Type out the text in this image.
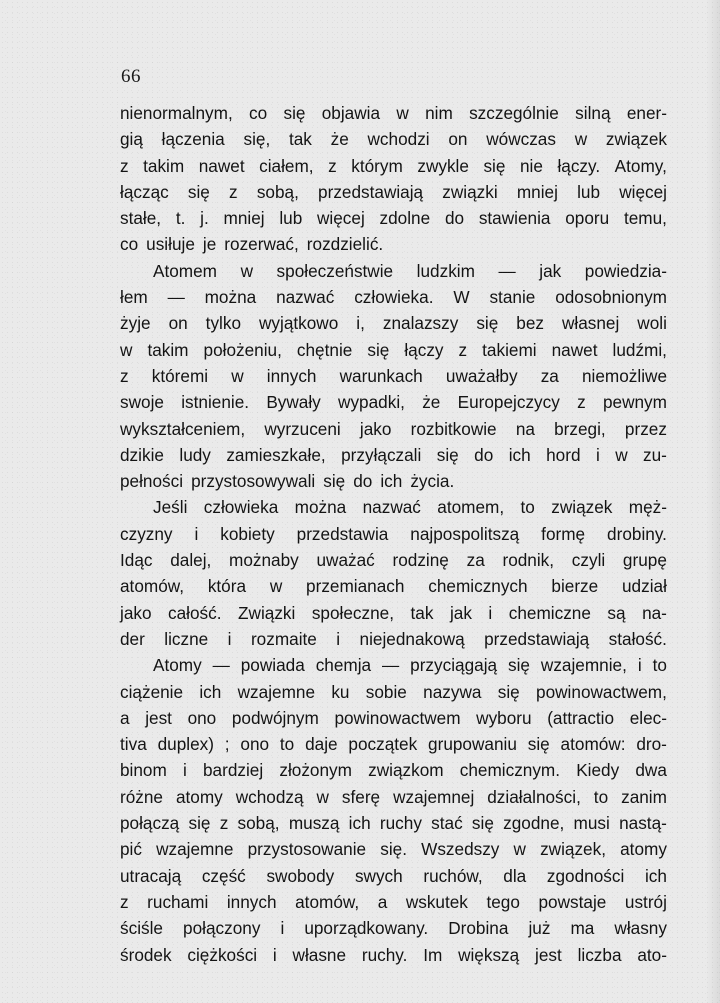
66
nienormalnym, co się objawia w nim szczególnie silną ener-
gią łączenia się, tak że wchodzi on wówczas w związek
z takim nawet ciałem, z którym zwykle się nie łączy. Atomy,
łącząc się z sobą, przedstawiają związki mniej lub więcej
stałe, t. j. mniej lub więcej zdolne do stawienia oporu temu,
co usiłuje je rozerwać, rozdzielić.
Atomem w społeczeństwie ludzkim — jak powiedzia-
łem — można nazwać człowieka. W stanie odosobnionym
żyje on tylko wyjątkowo i, znalazszy się bez własnej woli
w takim położeniu, chętnie się łączy z takiemi nawet ludźmi,
z któremi w innych warunkach uważałby za niemożliwe
swoje istnienie. Bywały wypadki, że Europejczycy z pewnym
wykształceniem, wyrzuceni jako rozbitkowie na brzegi, przez
dzikie ludy zamieszkałe, przyłączali się do ich hord i w zu-
pełności przystosowywali się do ich życia.
Jeśli człowieka można nazwać atomem, to związek męż-
czyzny i kobiety przedstawia najpospolitszą formę drobiny.
Idąc dalej, możnaby uważać rodzinę za rodnik, czyli grupę
atomów, która w przemianach chemicznych bierze udział
jako całość. Związki społeczne, tak jak i chemiczne są na-
der liczne i rozmaite i niejednakową przedstawiają stałość.
Atomy — powiada chemja — przyciągają się wzajemnie, i to
ciążenie ich wzajemne ku sobie nazywa się powinowactwem,
a jest ono podwójnym powinowactwem wyboru (attractio elec-
tiva duplex) ; ono to daje początek grupowaniu się atomów: dro-
binom i bardziej złożonym związkom chemicznym. Kiedy dwa
różne atomy wchodzą w sferę wzajemnej działalności, to zanim
połączą się z sobą, muszą ich ruchy stać się zgodne, musi nastą-
pić wzajemne przystosowanie się. Wszedszy w związek, atomy
utracają część swobody swych ruchów, dla zgodności ich
z ruchami innych atomów, a wskutek tego powstaje ustrój
ściśle połączony i uporządkowany. Drobina już ma własny
środek ciężkości i własne ruchy. Im większą jest liczba ato-
